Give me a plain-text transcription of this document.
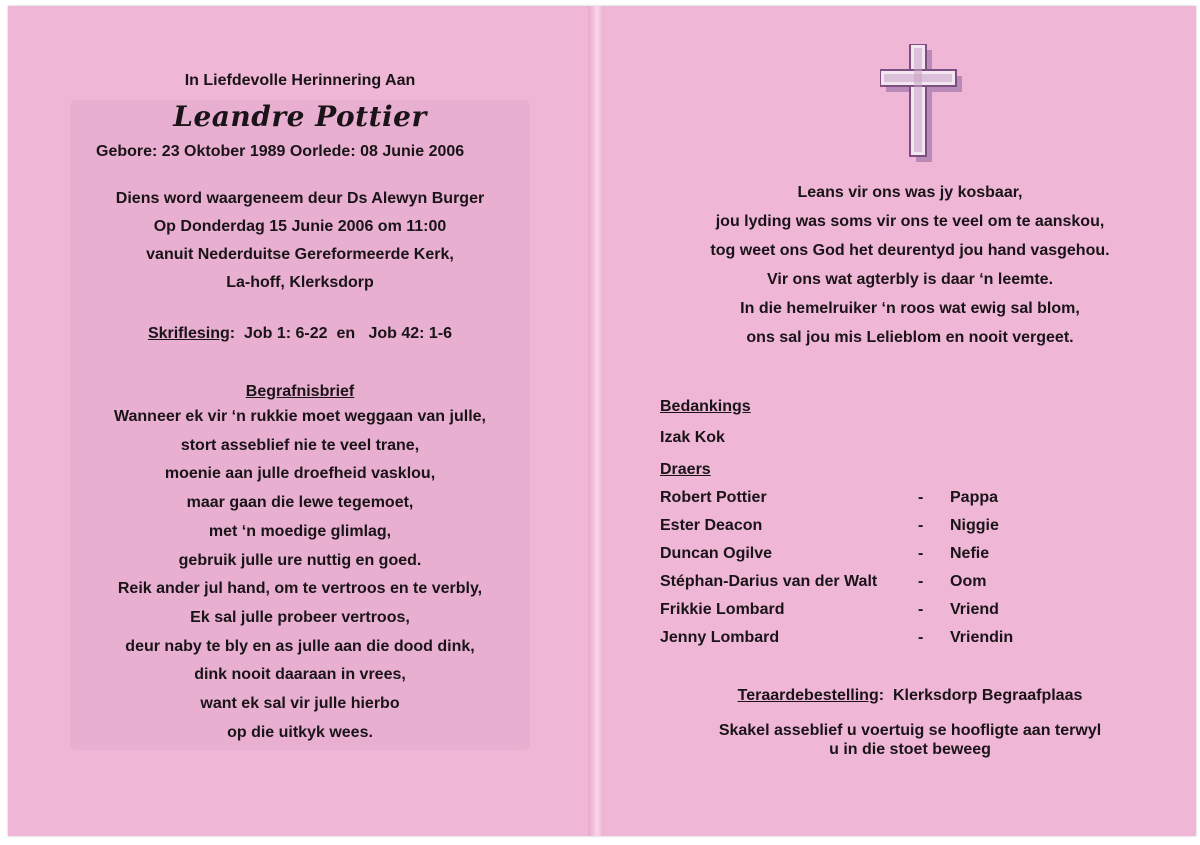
In Liefdevolle Herinnering Aan
Leandre Pottier
Gebore: 23 Oktober 1989 Oorlede: 08 Junie 2006
Diens word waargeneem deur Ds Alewyn Burger
Op Donderdag 15 Junie 2006 om 11:00
vanuit Nederduitse Gereformeerde Kerk,
La-hoff, Klerksdorp
Skriflesing:  Job 1: 6-22  en   Job 42: 1-6
Begrafnisbrief
Wanneer ek vir ‘n rukkie moet weggaan van julle,
stort asseblief nie te veel trane,
moenie aan julle droefheid vasklou,
maar gaan die lewe tegemoet,
met ‘n moedige glimlag,
gebruik julle ure nuttig en goed.
Reik ander jul hand, om te vertroos en te verbly,
Ek sal julle probeer vertroos,
deur naby te bly en as julle aan die dood dink,
dink nooit daaraan in vrees,
want ek sal vir julle hierbo
op die uitkyk wees.
Leans vir ons was jy kosbaar,
jou lyding was soms vir ons te veel om te aanskou,
tog weet ons God het deurentyd jou hand vasgehou.
Vir ons wat agterbly is daar ‘n leemte.
In die hemelruiker ‘n roos wat ewig sal blom,
ons sal jou mis Lelieblom en nooit vergeet.
Bedankings
Izak Kok
Draers
Robert Pottier	- Pappa
Ester Deacon	- Niggie
Duncan Ogilve	- Nefie
Stéphan-Darius van der Walt	- Oom
Frikkie Lombard	- Vriend
Jenny Lombard	- Vriendin
Teraardebestelling:  Klerksdorp Begraafplaas
Skakel asseblief u voertuig se hoofligte aan terwyl
u in die stoet beweeg
